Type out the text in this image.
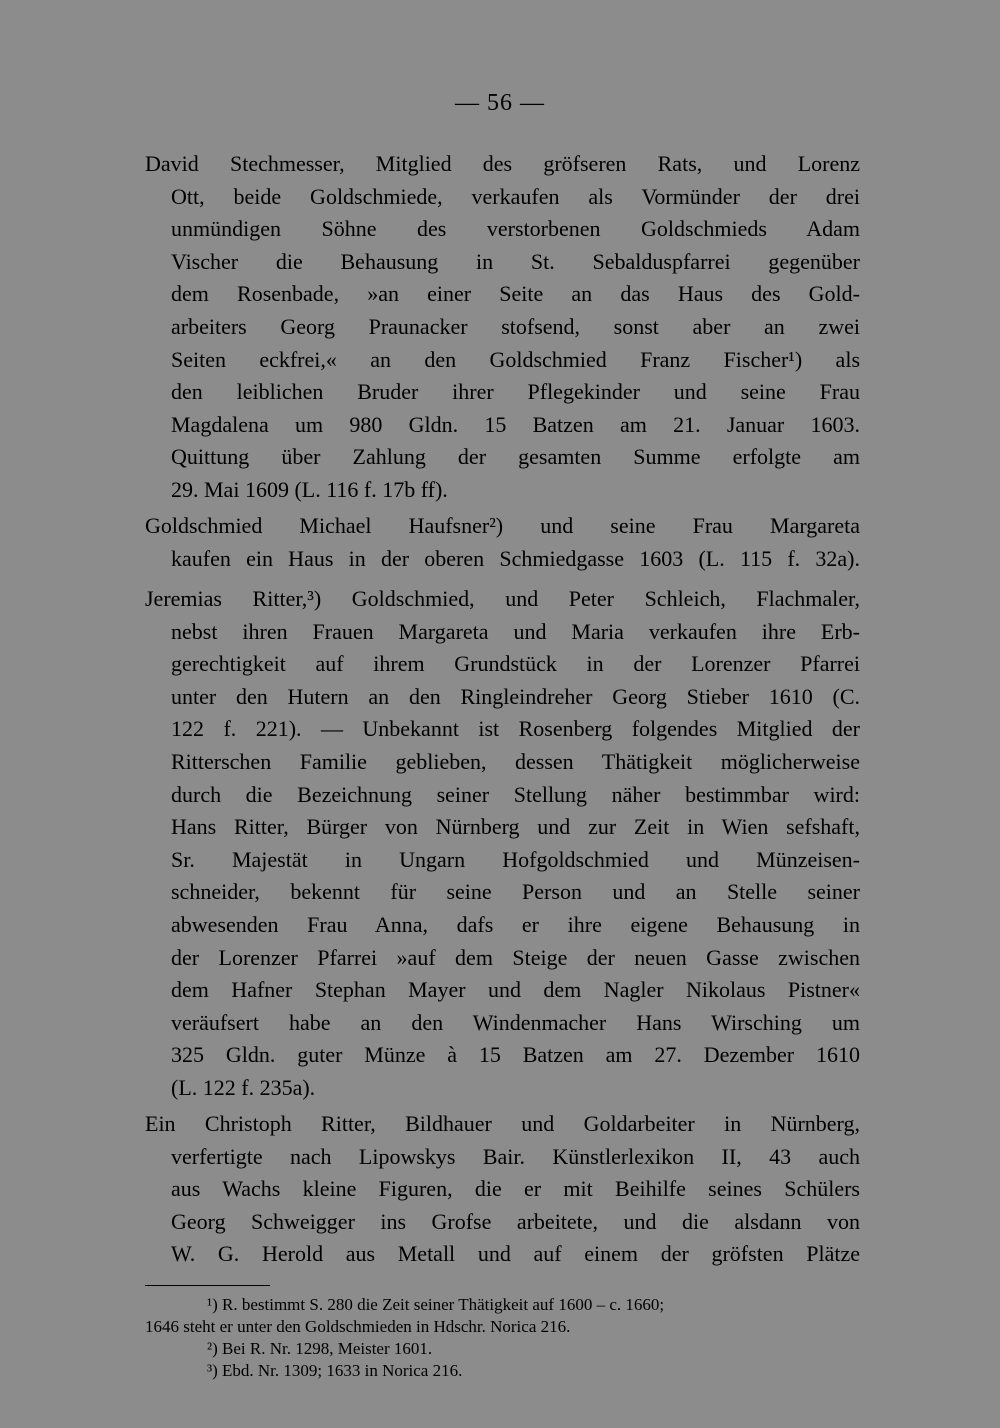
— 56 —
David Stechmesser, Mitglied des gröfseren Rats, und Lorenz
Ott, beide Goldschmiede, verkaufen als Vormünder der drei
unmündigen Söhne des verstorbenen Goldschmieds Adam
Vischer die Behausung in St. Sebalduspfarrei gegenüber
dem Rosenbade, »an einer Seite an das Haus des Gold-
arbeiters Georg Praunacker stofsend, sonst aber an zwei
Seiten eckfrei,« an den Goldschmied Franz Fischer¹) als
den leiblichen Bruder ihrer Pflegekinder und seine Frau
Magdalena um 980 Gldn. 15 Batzen am 21. Januar 1603.
Quittung über Zahlung der gesamten Summe erfolgte am
29. Mai 1609 (L. 116 f. 17b ff).
Goldschmied Michael Haufsner²) und seine Frau Margareta
kaufen ein Haus in der oberen Schmiedgasse 1603 (L. 115 f. 32a).
Jeremias Ritter,³) Goldschmied, und Peter Schleich, Flachmaler,
nebst ihren Frauen Margareta und Maria verkaufen ihre Erb-
gerechtigkeit auf ihrem Grundstück in der Lorenzer Pfarrei
unter den Hutern an den Ringleindreher Georg Stieber 1610 (C.
122 f. 221). — Unbekannt ist Rosenberg folgendes Mitglied der
Ritterschen Familie geblieben, dessen Thätigkeit möglicherweise
durch die Bezeichnung seiner Stellung näher bestimmbar wird:
Hans Ritter, Bürger von Nürnberg und zur Zeit in Wien sefshaft,
Sr. Majestät in Ungarn Hofgoldschmied und Münzeisen-
schneider, bekennt für seine Person und an Stelle seiner
abwesenden Frau Anna, dafs er ihre eigene Behausung in
der Lorenzer Pfarrei »auf dem Steige der neuen Gasse zwischen
dem Hafner Stephan Mayer und dem Nagler Nikolaus Pistner«
veräufsert habe an den Windenmacher Hans Wirsching um
325 Gldn. guter Münze à 15 Batzen am 27. Dezember 1610
(L. 122 f. 235a).
Ein Christoph Ritter, Bildhauer und Goldarbeiter in Nürnberg,
verfertigte nach Lipowskys Bair. Künstlerlexikon II, 43 auch
aus Wachs kleine Figuren, die er mit Beihilfe seines Schülers
Georg Schweigger ins Grofse arbeitete, und die alsdann von
W. G. Herold aus Metall und auf einem der gröfsten Plätze
¹) R. bestimmt S. 280 die Zeit seiner Thätigkeit auf 1600 – c. 1660;
1646 steht er unter den Goldschmieden in Hdschr. Norica 216.
²) Bei R. Nr. 1298, Meister 1601.
³) Ebd. Nr. 1309; 1633 in Norica 216.
